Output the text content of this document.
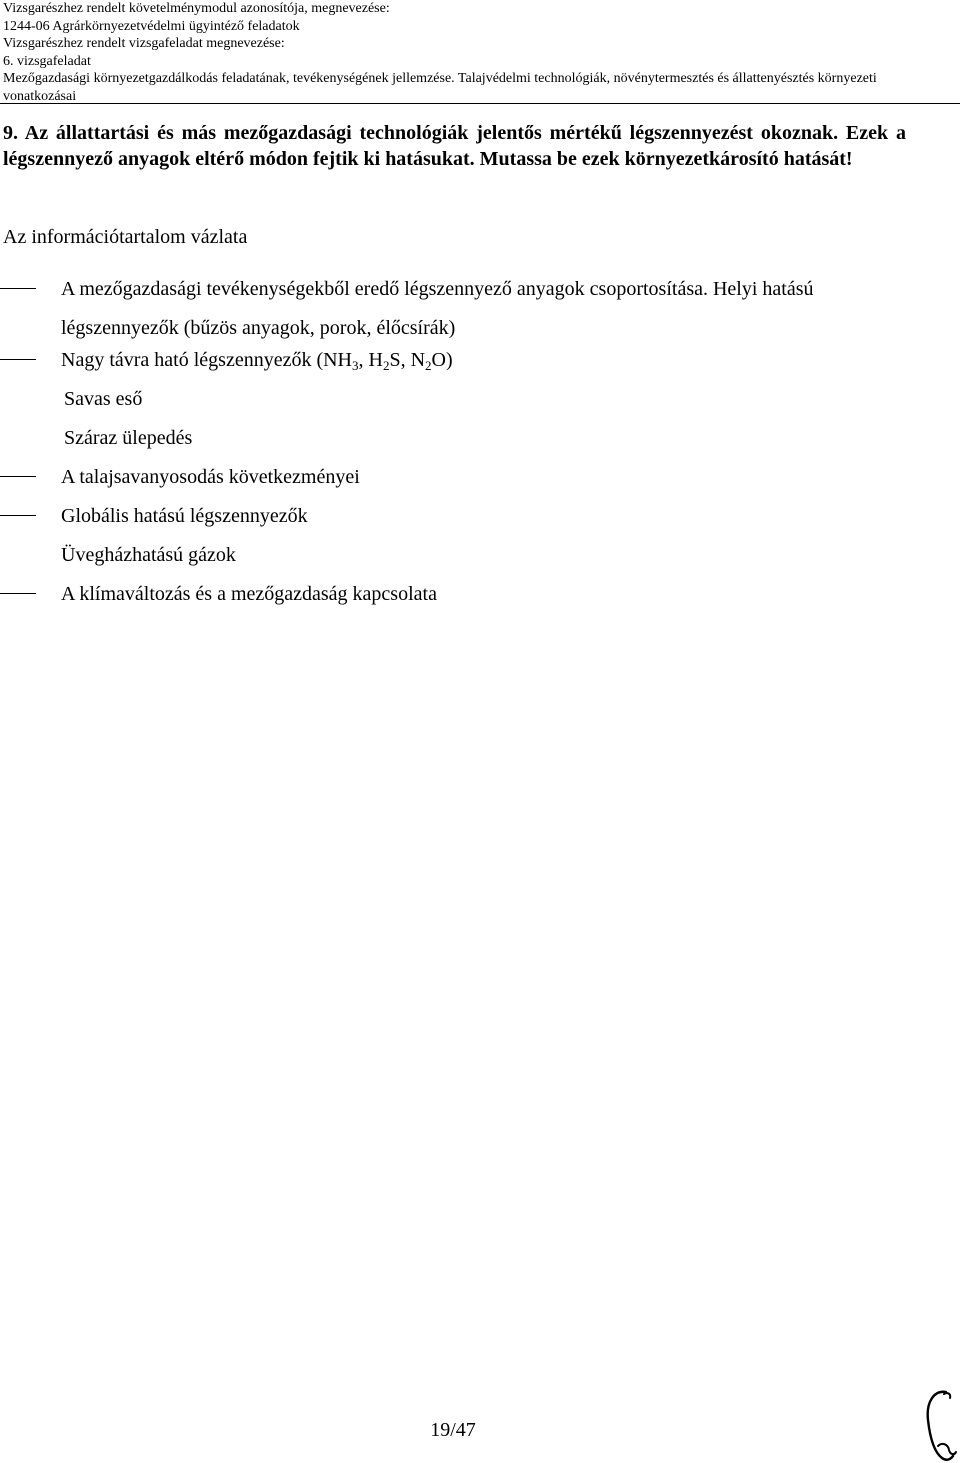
Vizsgarészhez rendelt követelménymodul azonosítója, megnevezése:
1244-06 Agrárkörnyezetvédelmi ügyintéző feladatok
Vizsgarészhez rendelt vizsgafeladat megnevezése:
6. vizsgafeladat
Mezőgazdasági környezetgazdálkodás feladatának, tevékenységének jellemzése. Talajvédelmi technológiák, növénytermesztés és állattenyésztés környezeti vonatkozásai
9. Az állattartási és más mezőgazdasági technológiák jelentős mértékű légszennyezést okoznak. Ezek a légszennyező anyagok eltérő módon fejtik ki hatásukat. Mutassa be ezek környezetkárosító hatását!
Az információtartalom vázlata
A mezőgazdasági tevékenységekből eredő légszennyező anyagok csoportosítása. Helyi hatású légszennyezők (bűzös anyagok, porok, élőcsírák)
Nagy távra ható légszennyezők ($NH_3$, $H_2S$, $N_2O$)
Savas eső
Száraz ülepedés
A talajsavanyosodás következményei
Globális hatású légszennyezők
Üvegházhatású gázok
A klímaváltozás és a mezőgazdaság kapcsolata
19/47
